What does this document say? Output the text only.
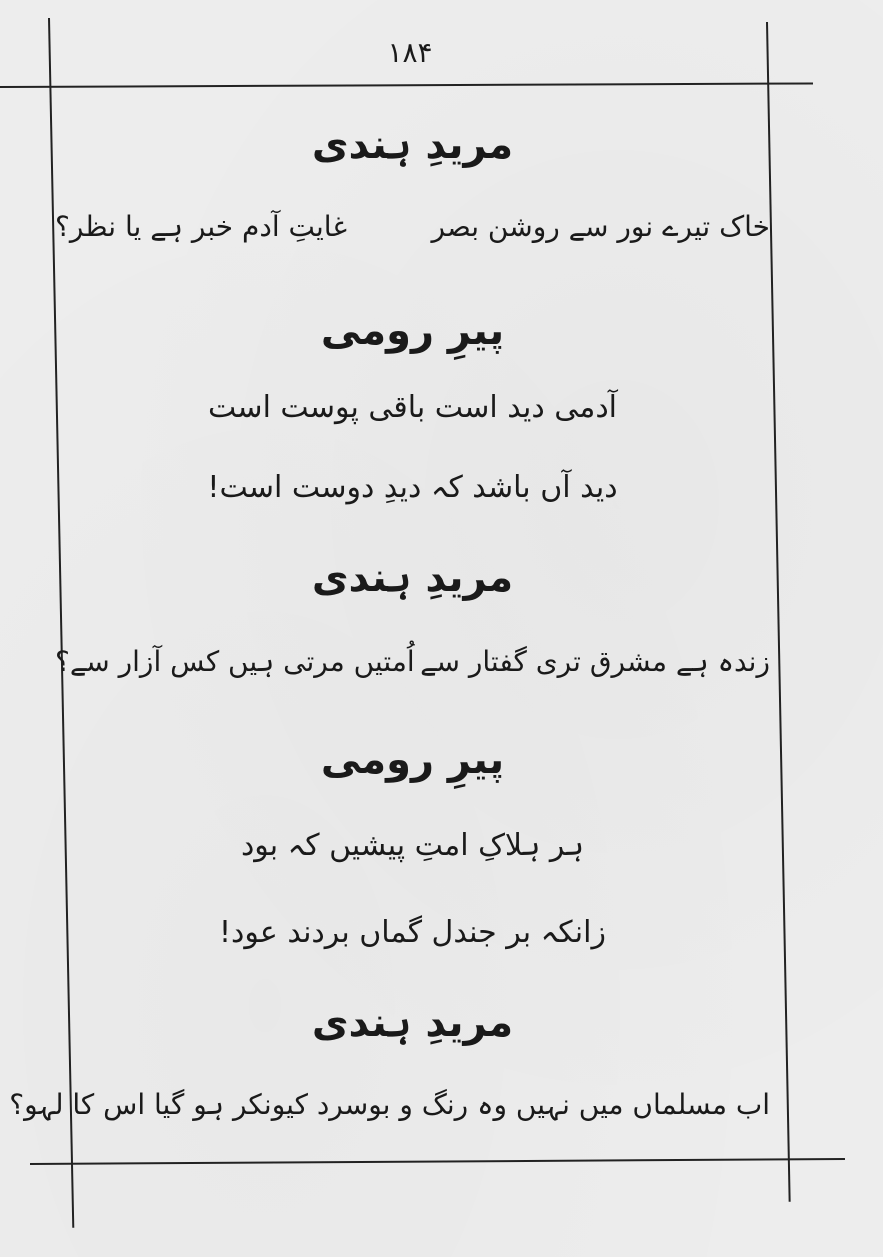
۱۸۴
مریدِ ہندی
خاک تیرے نور سے روشن بصر
غایتِ آدم خبر ہے یا نظر؟
پیرِ رومی
آدمی دید است باقی پوست است
دید آں باشد کہ دیدِ دوست است!
مریدِ ہندی
زندہ ہے مشرق تری گفتار سے
اُمتیں مرتی ہیں کس آزار سے؟
پیرِ رومی
ہر ہلاکِ امتِ پیشیں کہ بود
زانکہ بر جندل گماں بردند عود!
مریدِ ہندی
اب مسلماں میں نہیں وہ رنگ و بو
سرد کیونکر ہو گیا اس کا لہو؟
